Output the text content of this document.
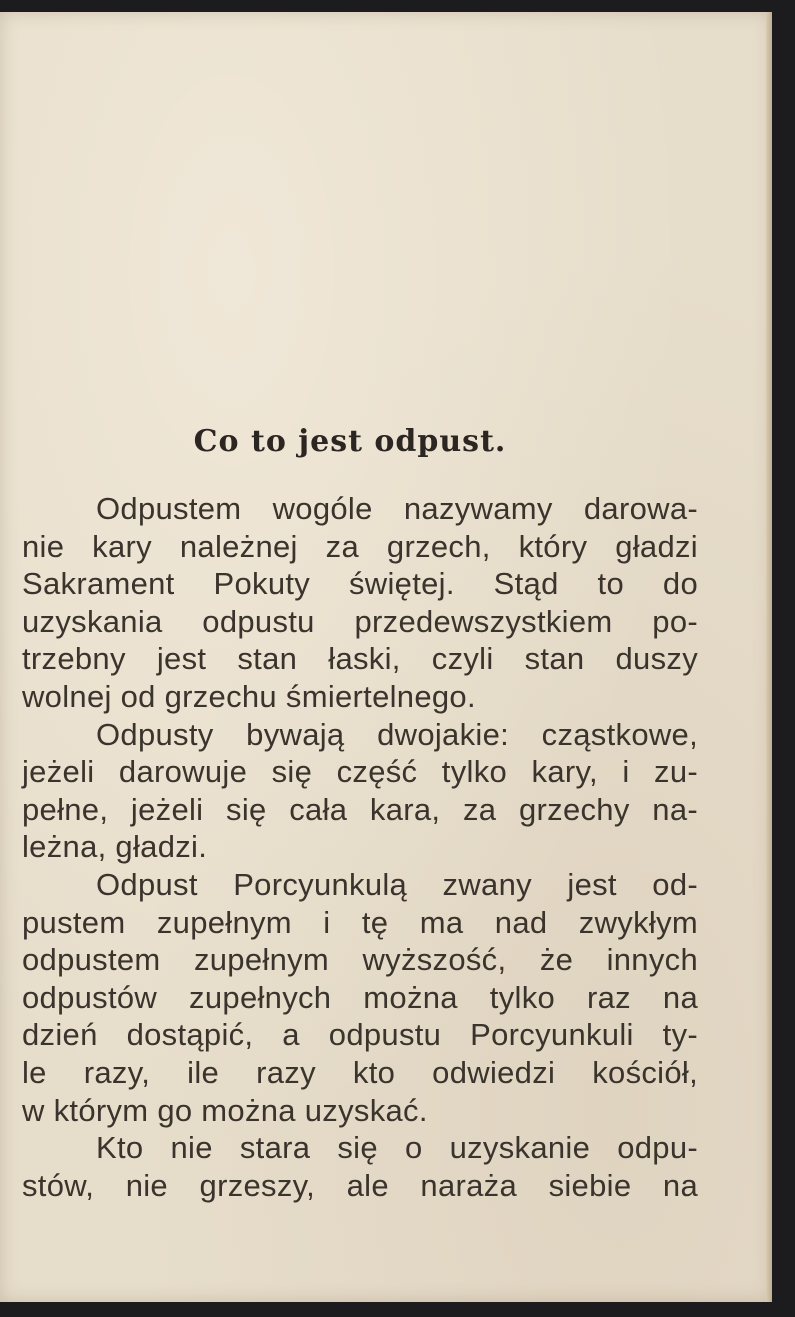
Co to jest odpust.
Odpustem wogóle nazywamy darowa-
nie kary należnej za grzech, który gładzi
Sakrament Pokuty świętej. Stąd to do
uzyskania odpustu przedewszystkiem po-
trzebny jest stan łaski, czyli stan duszy
wolnej od grzechu śmiertelnego.
Odpusty bywają dwojakie: cząstkowe,
jeżeli darowuje się część tylko kary, i zu-
pełne, jeżeli się cała kara, za grzechy na-
leżna, gładzi.
Odpust Porcyunkulą zwany jest od-
pustem zupełnym i tę ma nad zwykłym
odpustem zupełnym wyższość, że innych
odpustów zupełnych można tylko raz na
dzień dostąpić, a odpustu Porcyunkuli ty-
le razy, ile razy kto odwiedzi kościół,
w którym go można uzyskać.
Kto nie stara się o uzyskanie odpu-
stów, nie grzeszy, ale naraża siebie na
